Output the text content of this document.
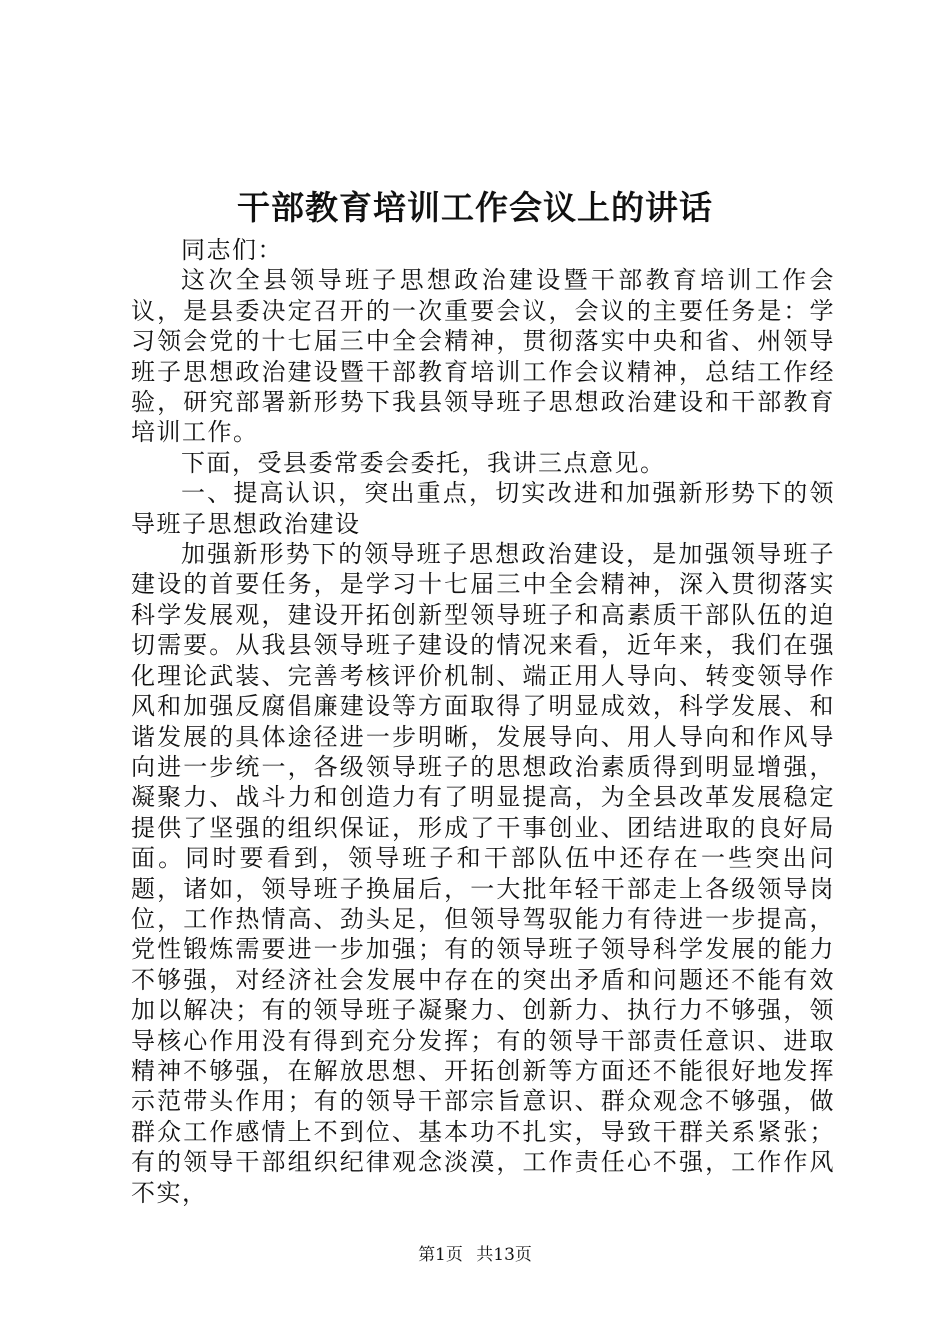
干部教育培训工作会议上的讲话

同志们：

这次全县领导班子思想政治建设暨干部教育培训工作会议，是县委决定召开的一次重要会议，会议的主要任务是：学习领会党的十七届三中全会精神，贯彻落实中央和省、州领导班子思想政治建设暨干部教育培训工作会议精神，总结工作经验，研究部署新形势下我县领导班子思想政治建设和干部教育培训工作。

下面，受县委常委会委托，我讲三点意见。

一、提高认识，突出重点，切实改进和加强新形势下的领导班子思想政治建设

加强新形势下的领导班子思想政治建设，是加强领导班子建设的首要任务，是学习十七届三中全会精神，深入贯彻落实科学发展观，建设开拓创新型领导班子和高素质干部队伍的迫切需要。从我县领导班子建设的情况来看，近年来，我们在强化理论武装、完善考核评价机制、端正用人导向、转变领导作风和加强反腐倡廉建设等方面取得了明显成效，科学发展、和谐发展的具体途径进一步明晰，发展导向、用人导向和作风导向进一步统一，各级领导班子的思想政治素质得到明显增强，凝聚力、战斗力和创造力有了明显提高，为全县改革发展稳定提供了坚强的组织保证，形成了干事创业、团结进取的良好局面。同时要看到，领导班子和干部队伍中还存在一些突出问题，诸如，领导班子换届后，一大批年轻干部走上各级领导岗位，工作热情高、劲头足，但领导驾驭能力有待进一步提高，党性锻炼需要进一步加强；有的领导班子领导科学发展的能力不够强，对经济社会发展中存在的突出矛盾和问题还不能有效加以解决；有的领导班子凝聚力、创新力、执行力不够强，领导核心作用没有得到充分发挥；有的领导干部责任意识、进取精神不够强，在解放思想、开拓创新等方面还不能很好地发挥示范带头作用；有的领导干部宗旨意识、群众观念不够强，做群众工作感情上不到位、基本功不扎实，导致干群关系紧张；有的领导干部组织纪律观念淡漠，工作责任心不强，工作作风不实，

第1页 共13页
